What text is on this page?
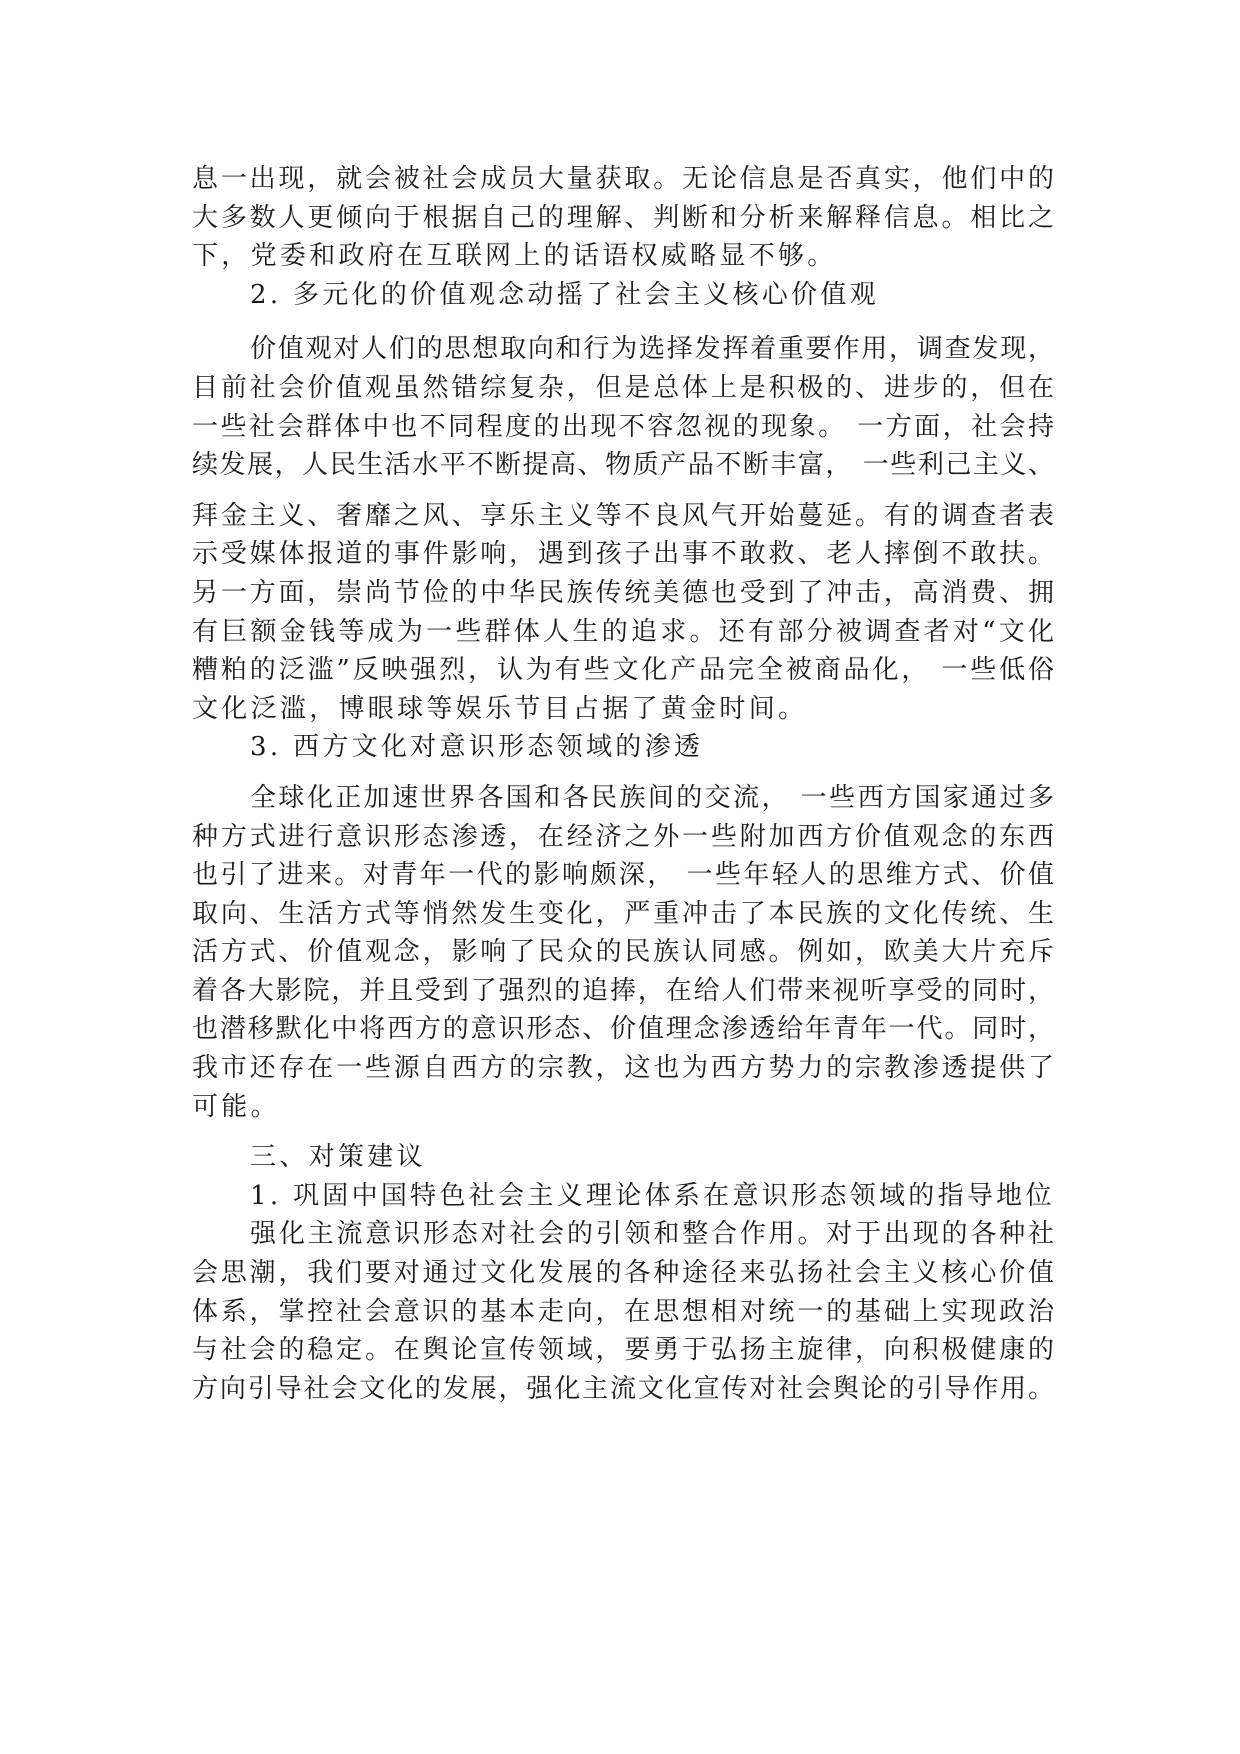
息一出现，就会被社会成员大量获取。无论信息是否真实，他们中的
大多数人更倾向于根据自己的理解、判断和分析来解释信息。相比之
下，党委和政府在互联网上的话语权威略显不够。
2. 多元化的价值观念动摇了社会主义核心价值观
价值观对人们的思想取向和行为选择发挥着重要作用，调查发现，
目前社会价值观虽然错综复杂，但是总体上是积极的、进步的，但在
一些社会群体中也不同程度的出现不容忽视的现象。 一方面，社会持
续发展，人民生活水平不断提高、物质产品不断丰富， 一些利己主义、
拜金主义、奢靡之风、享乐主义等不良风气开始蔓延。有的调查者表
示受媒体报道的事件影响，遇到孩子出事不敢救、老人摔倒不敢扶。
另一方面，崇尚节俭的中华民族传统美德也受到了冲击，高消费、拥
有巨额金钱等成为一些群体人生的追求。还有部分被调查者对“文化
糟粕的泛滥”反映强烈，认为有些文化产品完全被商品化， 一些低俗
文化泛滥，博眼球等娱乐节目占据了黄金时间。
3. 西方文化对意识形态领域的渗透
全球化正加速世界各国和各民族间的交流， 一些西方国家通过多
种方式进行意识形态渗透，在经济之外一些附加西方价值观念的东西
也引了进来。对青年一代的影响颇深， 一些年轻人的思维方式、价值
取向、生活方式等悄然发生变化，严重冲击了本民族的文化传统、生
活方式、价值观念，影响了民众的民族认同感。例如，欧美大片充斥
着各大影院，并且受到了强烈的追捧，在给人们带来视听享受的同时，
也潜移默化中将西方的意识形态、价值理念渗透给年青年一代。同时，
我市还存在一些源自西方的宗教，这也为西方势力的宗教渗透提供了
可能。
三、对策建议
1. 巩固中国特色社会主义理论体系在意识形态领域的指导地位
强化主流意识形态对社会的引领和整合作用。对于出现的各种社
会思潮，我们要对通过文化发展的各种途径来弘扬社会主义核心价值
体系，掌控社会意识的基本走向，在思想相对统一的基础上实现政治
与社会的稳定。在舆论宣传领域，要勇于弘扬主旋律，向积极健康的
方向引导社会文化的发展，强化主流文化宣传对社会舆论的引导作用。
